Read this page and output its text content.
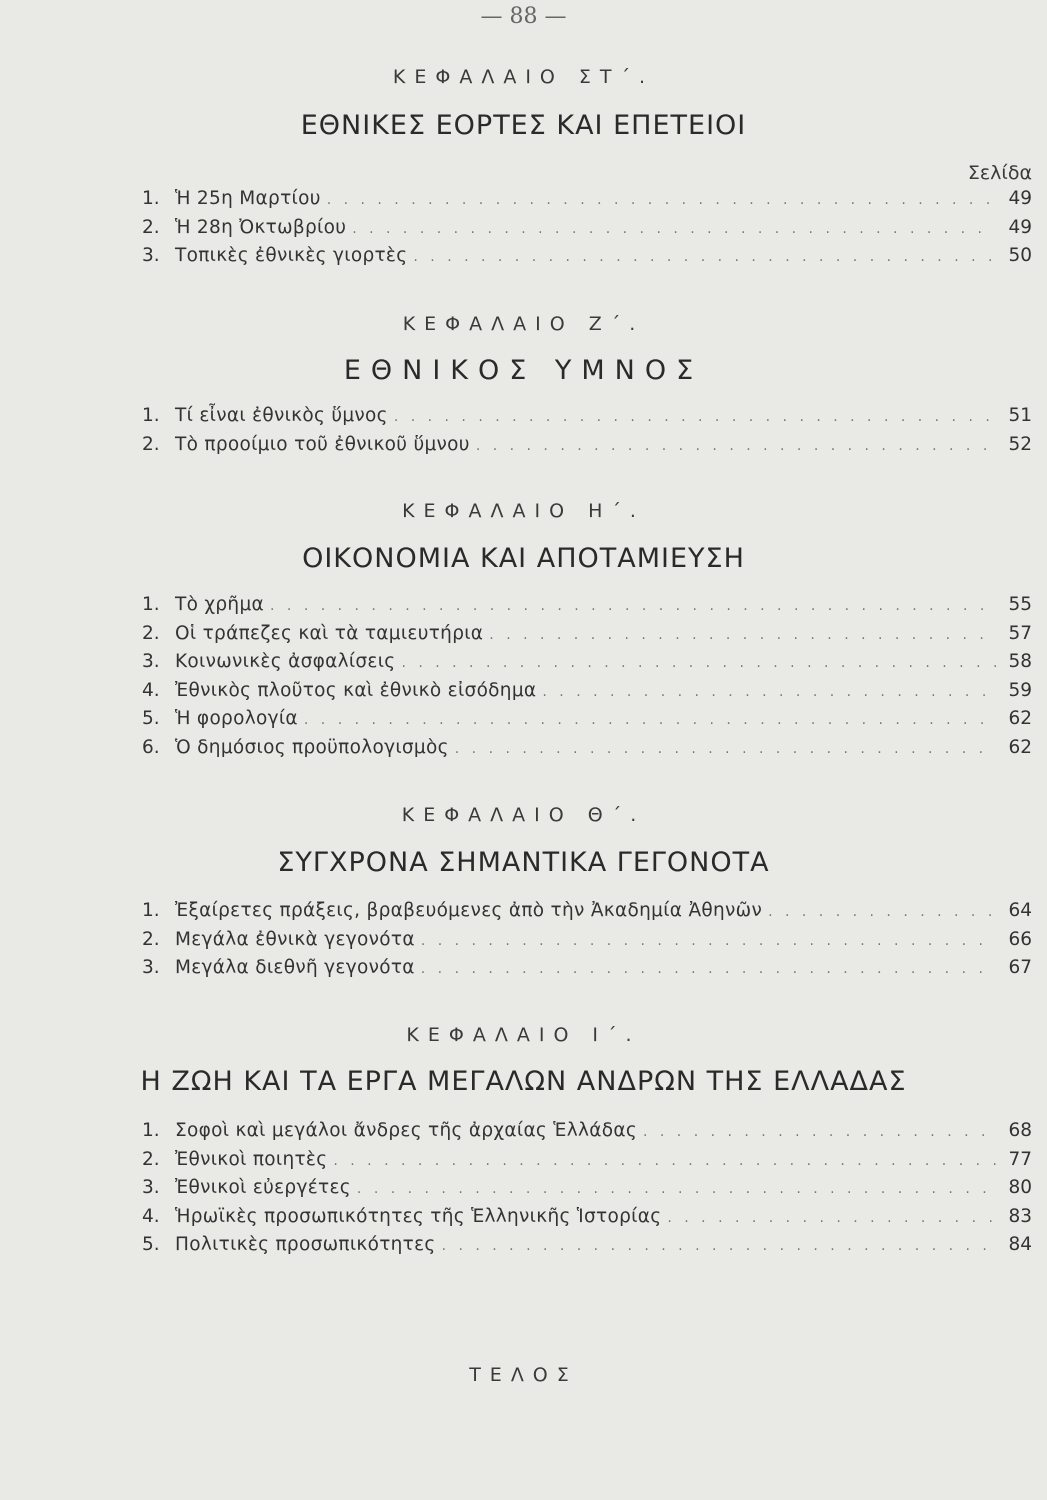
— 88 —
ΚΕΦΑΛΑΙΟ ΣΤ΄.
ΕΘΝΙΚΕΣ ΕΟΡΤΕΣ ΚΑΙ ΕΠΕΤΕΙΟΙ
Σελίδα
1. Ἡ 25η Μαρτίου . . .	49
2. Ἡ 28η Ὀκτωβρίου . . .	49
3. Τοπικὲς ἐθνικὲς γιορτὲς . . .	50
ΚΕΦΑΛΑΙΟ Ζ΄.
ΕΘΝΙΚΟΣ ΥΜΝΟΣ
1. Τί εἶναι ἐθνικὸς ὕμνος . . .	51
2. Τὸ προοίμιο τοῦ ἐθνικοῦ ὕμνου . . .	52
ΚΕΦΑΛΑΙΟ Η΄.
ΟΙΚΟΝΟΜΙΑ ΚΑΙ ΑΠΟΤΑΜΙΕΥΣΗ
1. Τὸ χρῆμα . . .	55
2. Οἱ τράπεζες καὶ τὰ ταμιευτήρια . . .	57
3. Κοινωνικὲς ἀσφαλίσεις . . .	58
4. Ἐθνικὸς πλοῦτος καὶ ἐθνικὸ εἰσόδημα . . .	59
5. Ἡ φορολογία . . .	62
6. Ὁ δημόσιος προϋπολογισμὸς . . .	62
ΚΕΦΑΛΑΙΟ Θ΄.
ΣΥΓΧΡΟΝΑ ΣΗΜΑΝΤΙΚΑ ΓΕΓΟΝΟΤΑ
1. Ἐξαίρετες πράξεις, βραβευόμενες ἀπὸ τὴν Ἀκαδημία Ἀθηνῶν . . .	64
2. Μεγάλα ἐθνικὰ γεγονότα . . .	66
3. Μεγάλα διεθνῆ γεγονότα . . .	67
ΚΕΦΑΛΑΙΟ Ι΄.
Η ΖΩΗ ΚΑΙ ΤΑ ΕΡΓΑ ΜΕΓΑΛΩΝ ΑΝΔΡΩΝ ΤΗΣ ΕΛΛΑΔΑΣ
1. Σοφοὶ καὶ μεγάλοι ἄνδρες τῆς ἀρχαίας Ἑλλάδας . . .	68
2. Ἐθνικοὶ ποιητὲς . . .	77
3. Ἐθνικοὶ εὐεργέτες . . .	80
4. Ἡρωϊκὲς προσωπικότητες τῆς Ἑλληνικῆς Ἱστορίας . . .	83
5. Πολιτικὲς προσωπικότητες . . .	84
ΤΕΛΟΣ
